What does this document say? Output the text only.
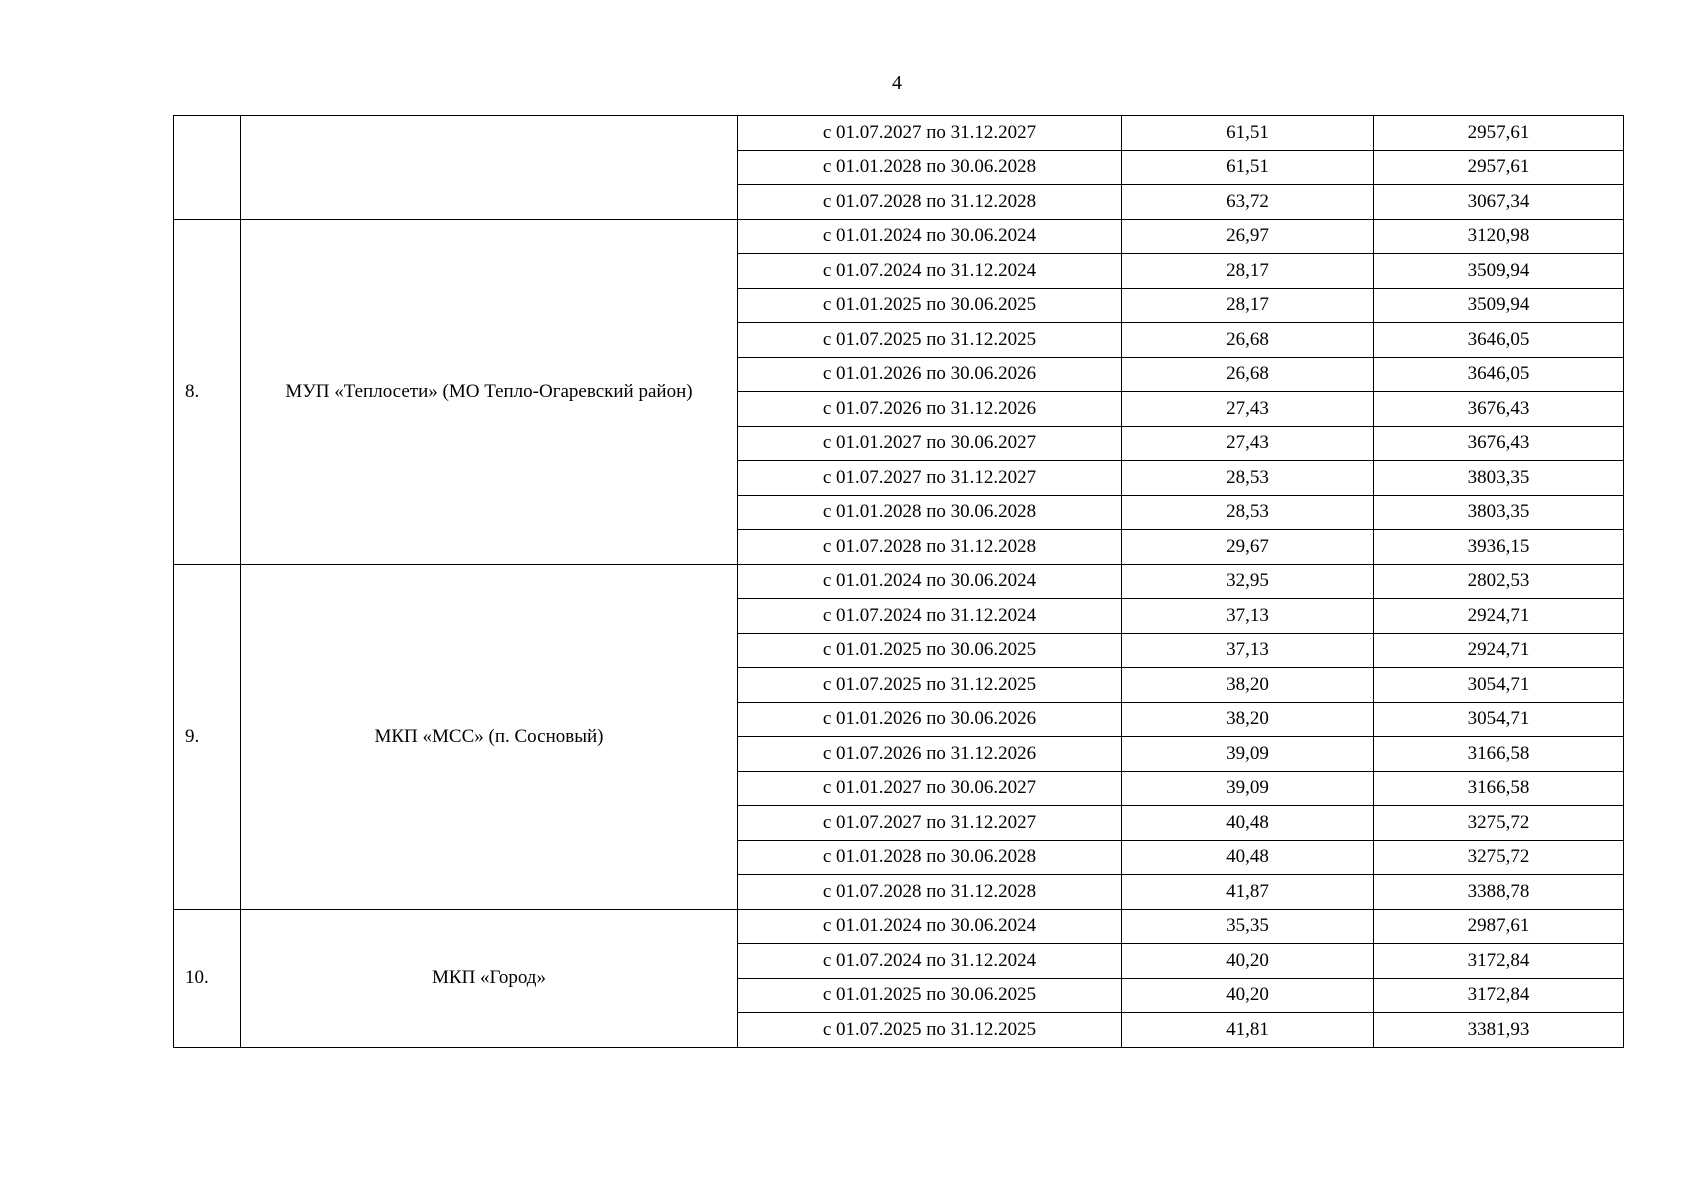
4
		с 01.07.2027 по 31.12.2027	61,51	2957,61
		с 01.01.2028 по 30.06.2028	61,51	2957,61
		с 01.07.2028 по 31.12.2028	63,72	3067,34
8.	МУП «Теплосети» (МО Тепло-Огаревский район)	с 01.01.2024 по 30.06.2024	26,97	3120,98
		с 01.07.2024 по 31.12.2024	28,17	3509,94
		с 01.01.2025 по 30.06.2025	28,17	3509,94
		с 01.07.2025 по 31.12.2025	26,68	3646,05
		с 01.01.2026 по 30.06.2026	26,68	3646,05
		с 01.07.2026 по 31.12.2026	27,43	3676,43
		с 01.01.2027 по 30.06.2027	27,43	3676,43
		с 01.07.2027 по 31.12.2027	28,53	3803,35
		с 01.01.2028 по 30.06.2028	28,53	3803,35
		с 01.07.2028 по 31.12.2028	29,67	3936,15
9.	МКП «МСС» (п. Сосновый)	с 01.01.2024 по 30.06.2024	32,95	2802,53
		с 01.07.2024 по 31.12.2024	37,13	2924,71
		с 01.01.2025 по 30.06.2025	37,13	2924,71
		с 01.07.2025 по 31.12.2025	38,20	3054,71
		с 01.01.2026 по 30.06.2026	38,20	3054,71
		с 01.07.2026 по 31.12.2026	39,09	3166,58
		с 01.01.2027 по 30.06.2027	39,09	3166,58
		с 01.07.2027 по 31.12.2027	40,48	3275,72
		с 01.01.2028 по 30.06.2028	40,48	3275,72
		с 01.07.2028 по 31.12.2028	41,87	3388,78
10.	МКП «Город»	с 01.01.2024 по 30.06.2024	35,35	2987,61
		с 01.07.2024 по 31.12.2024	40,20	3172,84
		с 01.01.2025 по 30.06.2025	40,20	3172,84
		с 01.07.2025 по 31.12.2025	41,81	3381,93
